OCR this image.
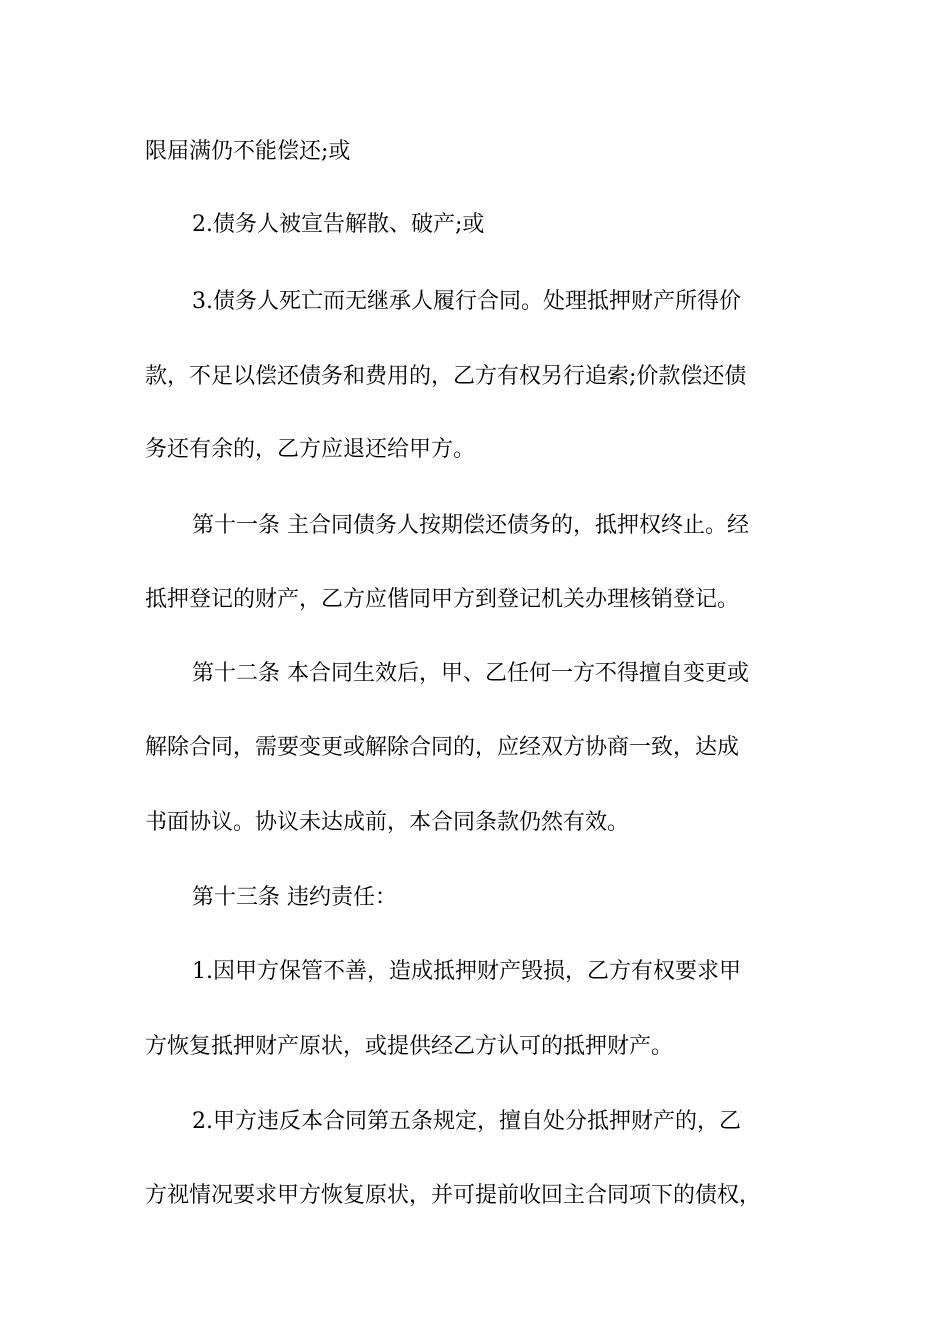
限届满仍不能偿还;或
2.债务人被宣告解散、破产;或
3.债务人死亡而无继承人履行合同。处理抵押财产所得价
款，不足以偿还债务和费用的，乙方有权另行追索;价款偿还债
务还有余的，乙方应退还给甲方。
第十一条 主合同债务人按期偿还债务的，抵押权终止。经
抵押登记的财产，乙方应偕同甲方到登记机关办理核销登记。
第十二条 本合同生效后，甲、乙任何一方不得擅自变更或
解除合同，需要变更或解除合同的，应经双方协商一致，达成
书面协议。协议未达成前，本合同条款仍然有效。
第十三条 违约责任：
1.因甲方保管不善，造成抵押财产毁损，乙方有权要求甲
方恢复抵押财产原状，或提供经乙方认可的抵押财产。
2.甲方违反本合同第五条规定，擅自处分抵押财产的，乙
方视情况要求甲方恢复原状，并可提前收回主合同项下的债权，
